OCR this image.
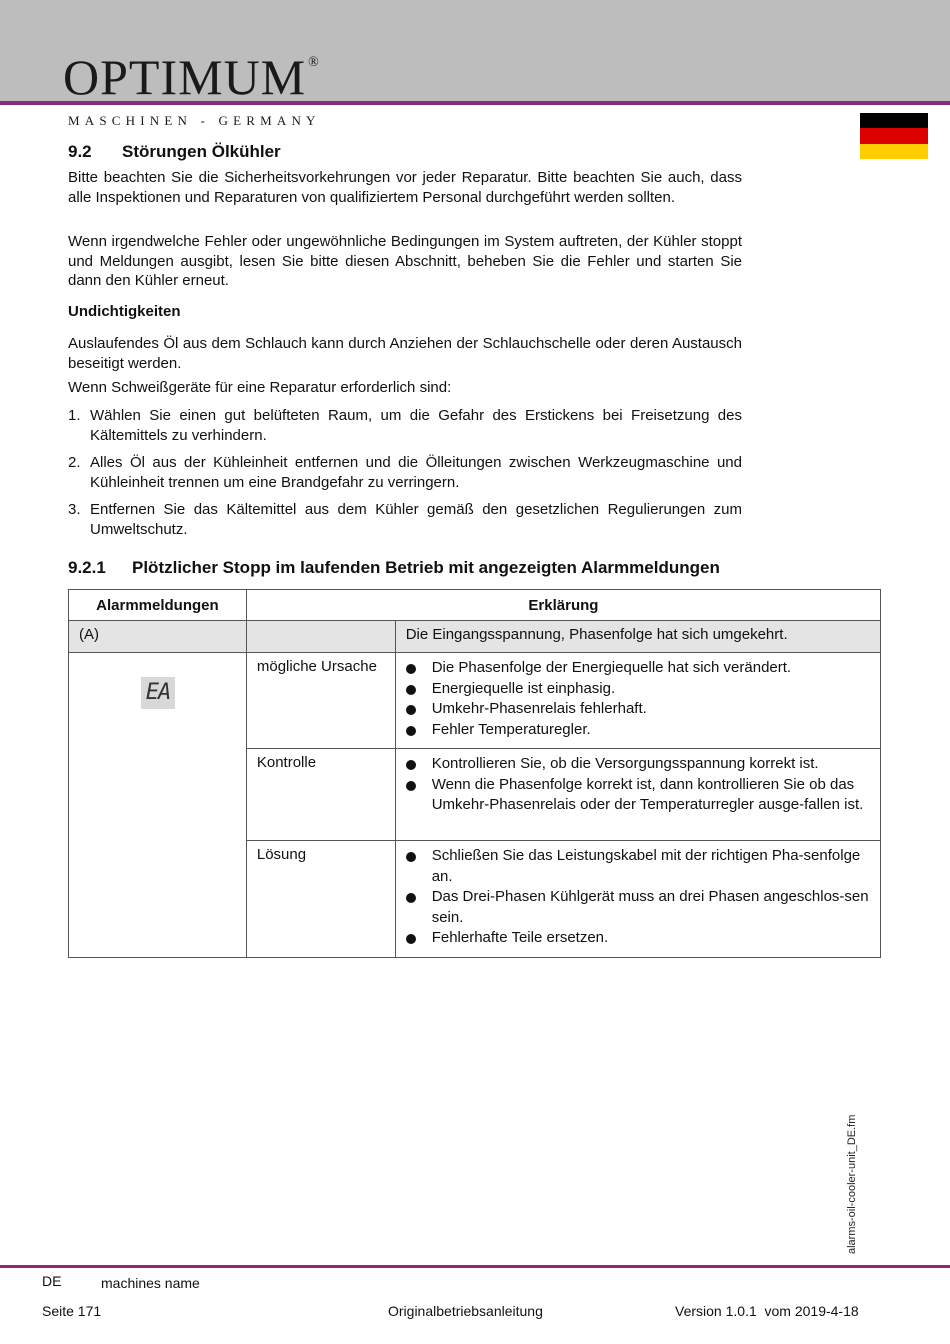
OPTIMUM ®
MASCHINEN - GERMANY
9.2 Störungen Ölkühler
Bitte beachten Sie die Sicherheitsvorkehrungen vor jeder Reparatur. Bitte beachten Sie auch, dass alle Inspektionen und Reparaturen von qualifiziertem Personal durchgeführt werden sollten.
Wenn irgendwelche Fehler oder ungewöhnliche Bedingungen im System auftreten, der Kühler stoppt und Meldungen ausgibt, lesen Sie bitte diesen Abschnitt, beheben Sie die Fehler und starten Sie dann den Kühler erneut.
Undichtigkeiten
Auslaufendes Öl aus dem Schlauch kann durch Anziehen der Schlauchschelle oder deren Austausch beseitigt werden.
Wenn Schweißgeräte für eine Reparatur erforderlich sind:
1. Wählen Sie einen gut belüfteten Raum, um die Gefahr des Erstickens bei Freisetzung des Kältemittels zu verhindern.
2. Alles Öl aus der Kühleinheit entfernen und die Ölleitungen zwischen Werkzeugmaschine und Kühleinheit trennen um eine Brandgefahr zu verringern.
3. Entfernen Sie das Kältemittel aus dem Kühler gemäß den gesetzlichen Regulierungen zum Umweltschutz.
9.2.1 Plötzlicher Stopp im laufenden Betrieb mit angezeigten Alarmmeldungen
Alarmmeldungen	Erklärung	
(A)		Die Eingangsspannung, Phasenfolge hat sich umgekehrt.
EA	mögliche Ursache	Die Phasenfolge der Energiequelle hat sich verändert.
Energiequelle ist einphasig.
Umkehr-Phasenrelais fehlerhaft.
Fehler Temperaturegler.

	Kontrolle	Kontrollieren Sie, ob die Versorgungsspannung korrekt ist.
Wenn die Phasenfolge korrekt ist, dann kontrollieren Sie ob das Umkehr-Phasenrelais oder der Temperaturregler ausge-fallen ist.

	Lösung	Schließen Sie das Leistungskabel mit der richtigen Pha-senfolge an.
Das Drei-Phasen Kühlgerät muss an drei Phasen angeschlos-sen sein.
Fehlerhafte Teile ersetzen.
alarms-oil-cooler-unit_DE.fm
DE	machines name
Seite 171	Originalbetriebsanleitung	Version 1.0.1  vom 2019-4-18
